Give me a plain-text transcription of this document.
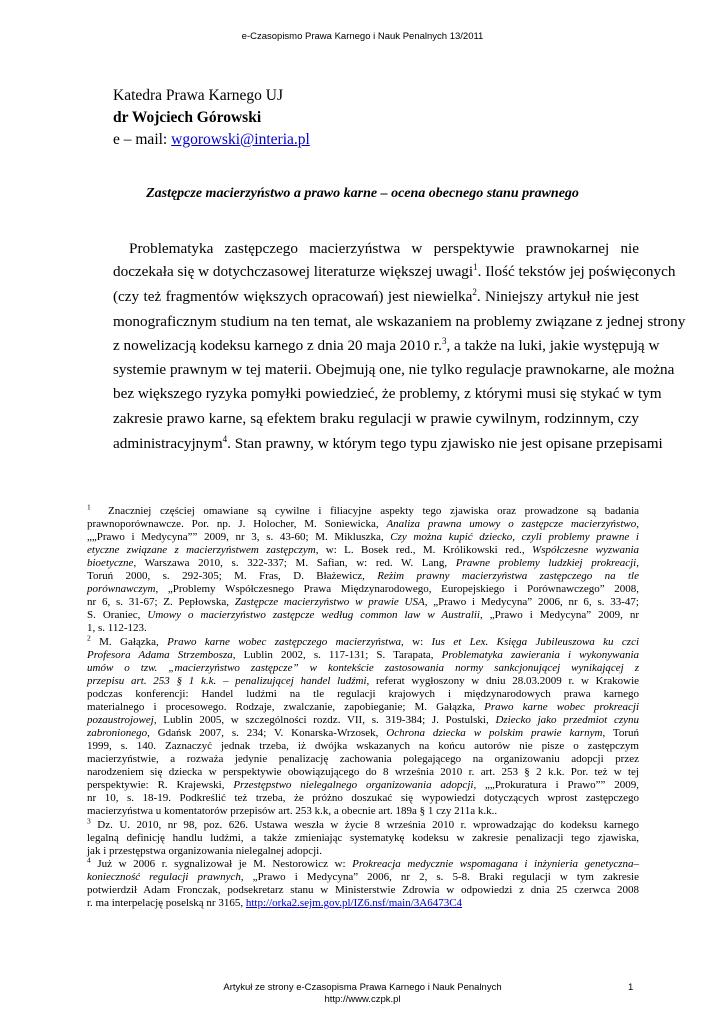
e-Czasopismo Prawa Karnego i Nauk Penalnych 13/2011
Katedra Prawa Karnego UJ
dr Wojciech Górowski
e – mail: wgorowski@interia.pl
Zastępcze macierzyństwo a prawo karne – ocena obecnego stanu prawnego
Problematyka zastępczego macierzyństwa w perspektywie prawnokarnej nie
doczekała się w dotychczasowej literaturze większej uwagi$^1$. Ilość tekstów jej poświęconych
(czy też fragmentów większych opracowań) jest niewielka$^2$. Niniejszy artykuł nie jest
monograficznym studium na ten temat, ale wskazaniem na problemy związane z jednej strony
z nowelizacją kodeksu karnego z dnia 20 maja 2010 r.$^3$, a także na luki, jakie występują w
systemie prawnym w tej materii. Obejmują one, nie tylko regulacje prawnokarne, ale można
bez większego ryzyka pomyłki powiedzieć, że problemy, z którymi musi się stykać w tym
zakresie prawo karne, są efektem braku regulacji w prawie cywilnym, rodzinnym, czy
administracyjnym$^4$. Stan prawny, w którym tego typu zjawisko nie jest opisane przepisami
$^1$ Znaczniej częściej omawiane są cywilne i filiacyjne aspekty tego zjawiska oraz prowadzone są badania
prawnoporównawcze. Por. np. J. Holocher, M. Soniewicka, Analiza prawna umowy o zastępcze macierzyństwo,
„„Prawo i Medycyna”” 2009, nr 3, s. 43-60; M. Mikluszka, Czy można kupić dziecko, czyli problemy prawne i
etyczne związane z macierzyństwem zastępczym, w: L. Bosek red., M. Królikowski red., Współczesne wyzwania
bioetyczne, Warszawa 2010, s. 322-337; M. Safian, w: red. W. Lang, Prawne problemy ludzkiej prokreacji,
Toruń 2000, s. 292-305; M. Fras, D. Błażewicz, Reżim prawny macierzyństwa zastępczego na tle
porównawczym, „Problemy Współczesnego Prawa Międzynarodowego, Europejskiego i Porównawczego” 2008,
nr 6, s. 31-67; Z. Pepłowska, Zastępcze macierzyństwo w prawie USA, „Prawo i Medycyna” 2006, nr 6, s. 33-47;
S. Oraniec, Umowy o macierzyństwo zastępcze według common law w Australii, „Prawo i Medycyna” 2009, nr
1, s. 112-123.
$^2$ M. Gałązka, Prawo karne wobec zastępczego macierzyństwa, w: Ius et Lex. Księga Jubileuszowa ku czci
Profesora Adama Strzembosza, Lublin 2002, s. 117-131; S. Tarapata, Problematyka zawierania i wykonywania
umów o tzw. „macierzyństwo zastępcze” w kontekście zastosowania normy sankcjonującej wynikającej z
przepisu art. 253 § 1 k.k. – penalizującej handel ludźmi, referat wygłoszony w dniu 28.03.2009 r. w Krakowie
podczas konferencji: Handel ludźmi na tle regulacji krajowych i międzynarodowych prawa karnego
materialnego i procesowego. Rodzaje, zwalczanie, zapobieganie; M. Gałązka, Prawo karne wobec prokreacji
pozaustrojowej, Lublin 2005, w szczególności rozdz. VII, s. 319-384; J. Postulski, Dziecko jako przedmiot czynu
zabronionego, Gdańsk 2007, s. 234; V. Konarska-Wrzosek, Ochrona dziecka w polskim prawie karnym, Toruń
1999, s. 140. Zaznaczyć jednak trzeba, iż dwójka wskazanych na końcu autorów nie pisze o zastępczym
macierzyństwie, a rozważa jedynie penalizację zachowania polegającego na organizowaniu adopcji przez
narodzeniem się dziecka w perspektywie obowiązującego do 8 września 2010 r. art. 253 § 2 k.k. Por. też w tej
perspektywie: R. Krajewski, Przestępstwo nielegalnego organizowania adopcji, „„Prokuratura i Prawo”” 2009,
nr 10, s. 18-19. Podkreślić też trzeba, że próżno doszukać się wypowiedzi dotyczących wprost zastępczego
macierzyństwa u komentatorów przepisów art. 253 k.k, a obecnie art. 189a § 1 czy 211a k.k..
$^3$ Dz. U. 2010, nr 98, poz. 626. Ustawa weszła w życie 8 września 2010 r. wprowadzając do kodeksu karnego
legalną definicję handlu ludźmi, a także zmieniając systematykę kodeksu w zakresie penalizacji tego zjawiska,
jak i przestępstwa organizowania nielegalnej adopcji.
$^4$ Już w 2006 r. sygnalizował je M. Nestorowicz w: Prokreacja medycznie wspomagana i inżynieria genetyczna–
konieczność regulacji prawnych, „Prawo i Medycyna” 2006, nr 2, s. 5-8. Braki regulacji w tym zakresie
potwierdził Adam Fronczak, podsekretarz stanu w Ministerstwie Zdrowia w odpowiedzi z dnia 25 czerwca 2008
r. ma interpelację poselską nr 3165, http://orka2.sejm.gov.pl/IZ6.nsf/main/3A6473C4
Artykuł ze strony e-Czasopisma Prawa Karnego i Nauk Penalnych
http://www.czpk.pl
1
